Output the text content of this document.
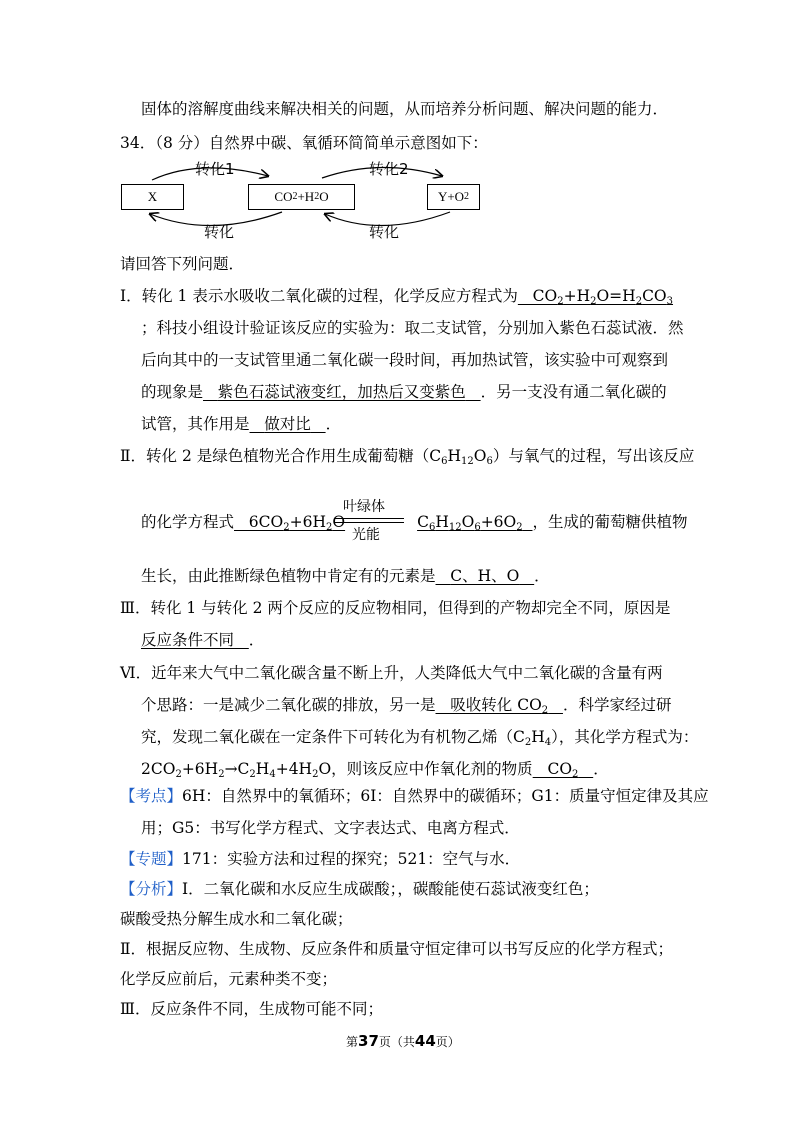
固体的溶解度曲线来解决相关的问题，从而培养分析问题、解决问题的能力．
34．（8 分）自然界中碳、氧循环简简单示意图如下：
X	CO 2 +H 2 O	Y+O 2
转化1	转化2
转化	转化
请回答下列问题．
Ⅰ．转化 1 表示水吸收二氧化碳的过程，化学反应方程式为   $CO_2+H_2O=H_2CO_3$
；科技小组设计验证该反应的实验为：取二支试管，分别加入紫色石蕊试液．然
后向其中的一支试管里通二氧化碳一段时间，再加热试管，该实验中可观察到
的现象是 紫色石蕊试液变红，加热后又变紫色 ．另一支没有通二氧化碳的
试管，其作用是 做对比 ．
Ⅱ．转化 2 是绿色植物光合作用生成葡萄糖$(C_6H_{12}O_6)$与氧气的过程，写出该反应
的化学方程式   $6CO_2+6H_2O$	$C_6H_{12}O_6+6O_2$ ，生成的葡萄糖供植物
叶绿体
光能
生长，由此推断绿色植物中肯定有的元素是 C、H、O ．
Ⅲ．转化 1 与转化 2 两个反应的反应物相同，但得到的产物却完全不同，原因是
反应条件不同 ．
Ⅵ．近年来大气中二氧化碳含量不断上升，人类降低大气中二氧化碳的含量有两
个思路：一是减少二氧化碳的排放，另一是   吸收转化 $CO_2$ ．科学家经过研
究，发现二氧化碳在一定条件下可转化为有机物乙烯$(C_2H_4)$，其化学方程式为：
$2CO_2+6H_2\to C_2H_4+4H_2O$，则该反应中作氧化剂的物质   $CO_2$ ．
【考点】6H：自然界中的氧循环；6I：自然界中的碳循环；G1：质量守恒定律及其应
用；G5：书写化学方程式、文字表达式、电离方程式．
【专题】171：实验方法和过程的探究；521：空气与水．
【分析】Ⅰ．二氧化碳和水反应生成碳酸；，碳酸能使石蕊试液变红色；
碳酸受热分解生成水和二氧化碳；
Ⅱ．根据反应物、生成物、反应条件和质量守恒定律可以书写反应的化学方程式；
化学反应前后，元素种类不变；
Ⅲ．反应条件不同，生成物可能不同；
第37页（共44页）
